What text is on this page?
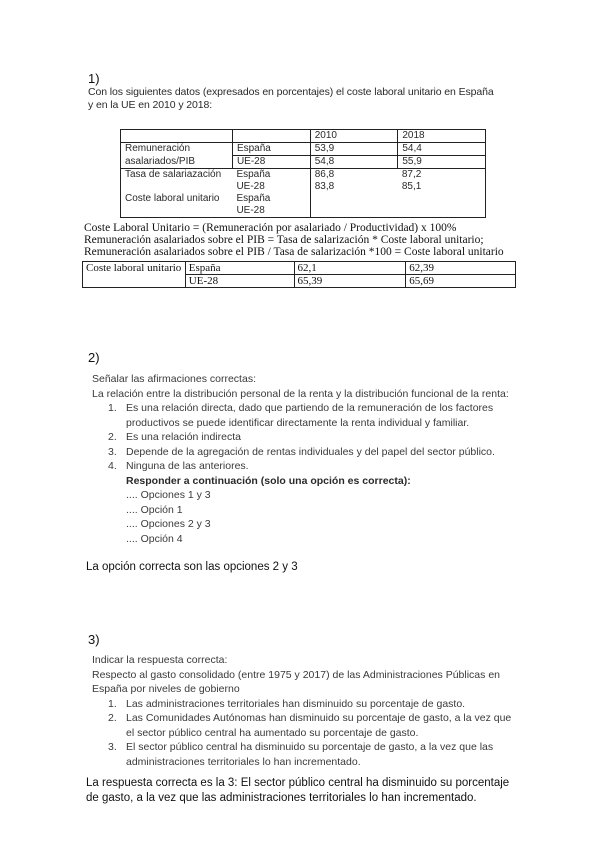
1)
Con los siguientes datos (expresados en porcentajes) el coste laboral unitario en España y en la UE en 2010 y 2018:
		2010	2018
Remuneración	España	53,9	54,4
asalariados/PIB	UE-28	54,8	55,9
Tasa de salariazación	España	86,8	87,2
	UE-28	83,8	85,1
Coste laboral unitario	España		
	UE-28		
Coste Laboral Unitario = (Remuneración por asalariado / Productividad) x 100%
Remuneración asalariados sobre el PIB = Tasa de salarización * Coste laboral unitario;
Remuneración asalariados sobre el PIB / Tasa de salarización *100 = Coste laboral unitario
Coste laboral unitario	España	62,1	62,39
	UE-28	65,39	65,69
2)
Señalar las afirmaciones correctas:
La relación entre la distribución personal de la renta y la distribución funcional de la renta:
1. Es una relación directa, dado que partiendo de la remuneración de los factores productivos se puede identificar directamente la renta individual y familiar.
2. Es una relación indirecta
3. Depende de la agregación de rentas individuales y del papel del sector público.
4. Ninguna de las anteriores.
Responder a continuación (solo una opción es correcta):
.... Opciones 1 y 3
.... Opción 1
.... Opciones 2 y 3
.... Opción 4
La opción correcta son las opciones 2 y 3
3)
Indicar la respuesta correcta:
Respecto al gasto consolidado (entre 1975 y 2017) de las Administraciones Públicas en España por niveles de gobierno
1. Las administraciones territoriales han disminuido su porcentaje de gasto.
2. Las Comunidades Autónomas han disminuido su porcentaje de gasto, a la vez que el sector público central ha aumentado su porcentaje de gasto.
3. El sector público central ha disminuido su porcentaje de gasto, a la vez que las administraciones territoriales lo han incrementado.
La respuesta correcta es la 3: El sector público central ha disminuido su porcentaje de gasto, a la vez que las administraciones territoriales lo han incrementado.
